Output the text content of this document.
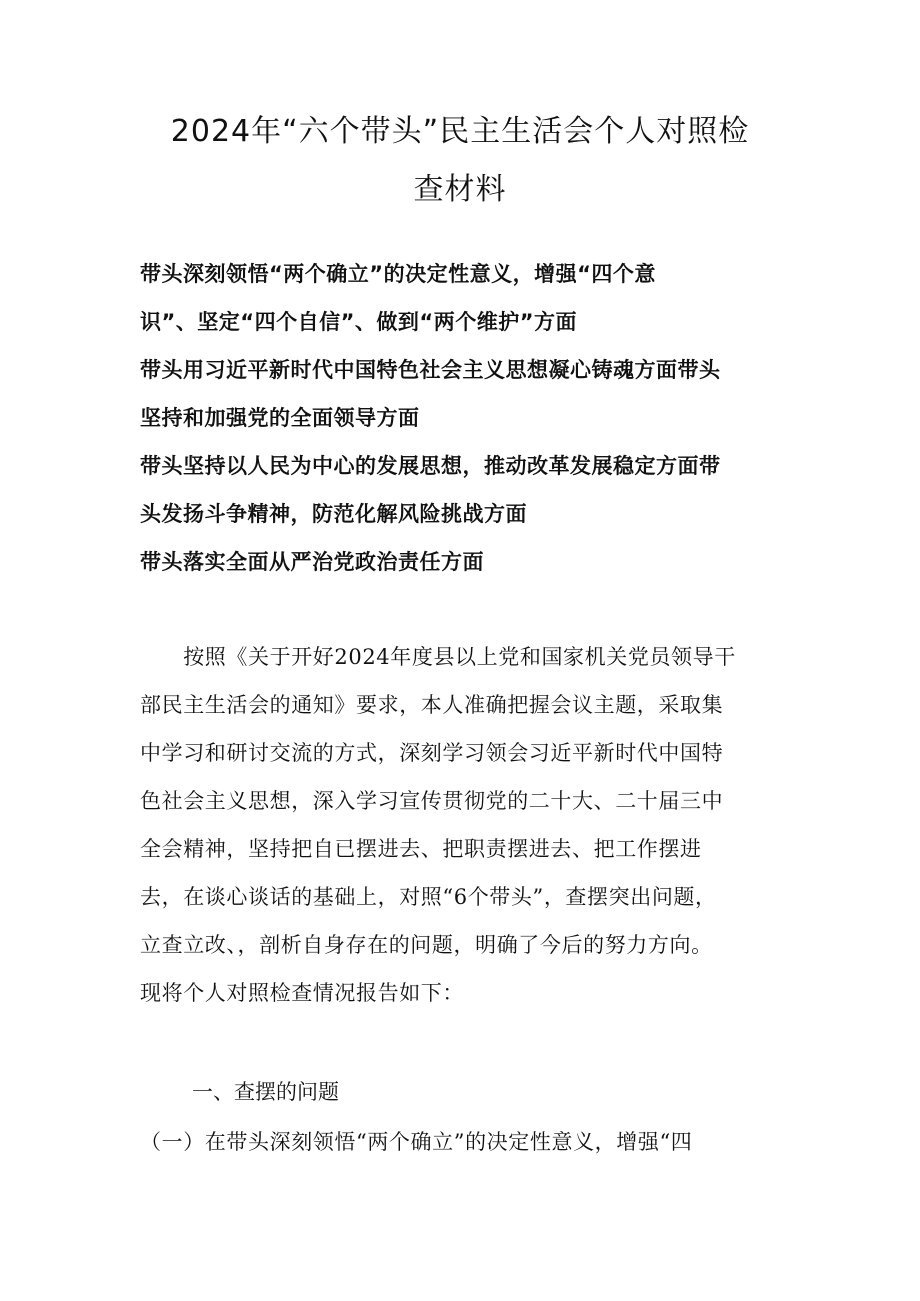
2024年“六个带头”民主生活会个人对照检
查材料
带头深刻领悟“两个确立”的决定性意义，增强“四个意
识”、坚定“四个自信”、做到“两个维护”方面
带头用习近平新时代中国特色社会主义思想凝心铸魂方面带头
坚持和加强党的全面领导方面
带头坚持以人民为中心的发展思想，推动改革发展稳定方面带
头发扬斗争精神，防范化解风险挑战方面
带头落实全面从严治党政治责任方面
　　按照《关于开好2024年度县以上党和国家机关党员领导干
部民主生活会的通知》要求，本人准确把握会议主题，采取集
中学习和研讨交流的方式，深刻学习领会习近平新时代中国特
色社会主义思想，深入学习宣传贯彻党的二十大、二十届三中
全会精神，坚持把自已摆进去、把职责摆进去、把工作摆进
去，在谈心谈话的基础上，对照“6个带头”，查摆突出问题，
立查立改、，剖析自身存在的问题，明确了今后的努力方向。
现将个人对照检查情况报告如下：
一、查摆的问题
（一）在带头深刻领悟“两个确立”的决定性意义，增强“四
